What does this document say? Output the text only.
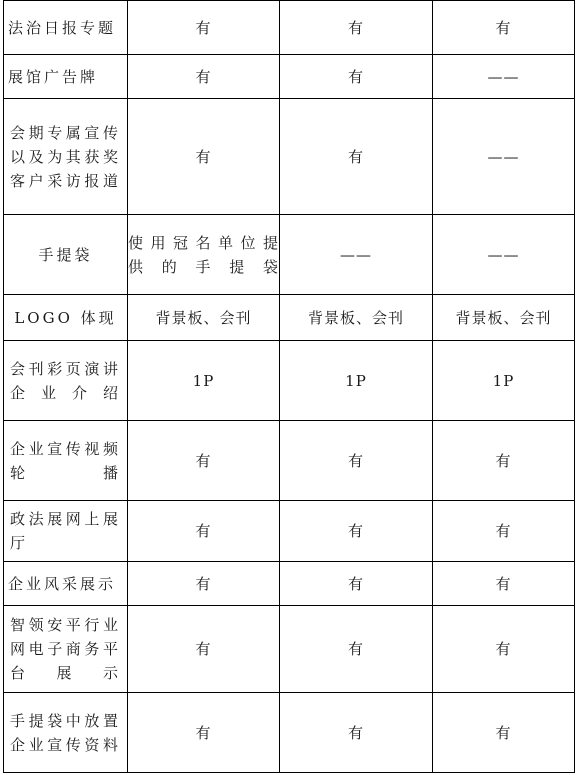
法治日报专题	有	有	有

展馆广告牌	有	有	——

会期专属宣传
以及为其获奖
客户采访报道	有	有	——

手提袋	使用冠名单位提
供的手提袋	——	——

LOGO 体现	背景板、会刊	背景板、会刊	背景板、会刊

会刊彩页演讲
企业介绍	1P	1P	1P

企业宣传视频
轮播	有	有	有

政法展网上展
厅	有	有	有

企业风采展示	有	有	有

智领安平行业
网电子商务平
台展示	有	有	有

手提袋中放置
企业宣传资料	有	有	有
